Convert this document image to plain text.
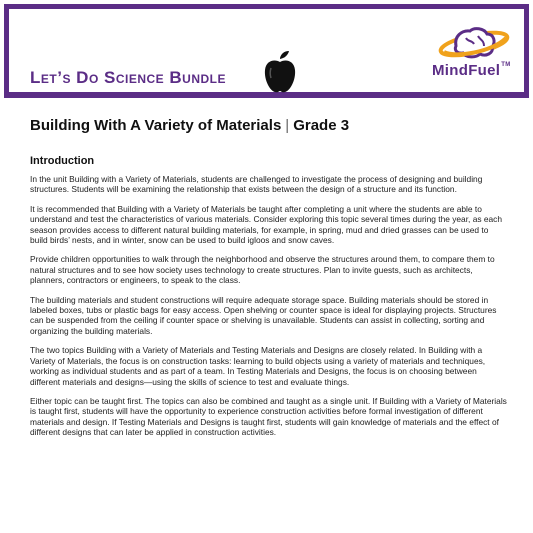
Let’s Do Science Bundle	MindFuel™
Building With A Variety of Materials | Grade 3
Introduction

In the unit Building with a Variety of Materials, students are challenged to investigate the process of designing and building structures. Students will be examining the relationship that exists between the design of a structure and its function.

It is recommended that Building with a Variety of Materials be taught after completing a unit where the students are able to understand and test the characteristics of various materials. Consider exploring this topic several times during the year, as each season provides access to different natural building materials, for example, in spring, mud and dried grasses can be used to build birds’ nests, and in winter, snow can be used to build igloos and snow caves.

Provide children opportunities to walk through the neighborhood and observe the structures around them, to compare them to natural structures and to see how society uses technology to create structures. Plan to invite guests, such as architects, planners, contractors or engineers, to speak to the class.

The building materials and student constructions will require adequate storage space. Building materials should be stored in labeled boxes, tubs or plastic bags for easy access. Open shelving or counter space is ideal for displaying projects. Structures can be suspended from the ceiling if counter space or shelving is unavailable. Students can assist in collecting, sorting and organizing the building materials.

The two topics Building with a Variety of Materials and Testing Materials and Designs are closely related. In Building with a Variety of Materials, the focus is on construction tasks: learning to build objects using a variety of materials and techniques, working as individual students and as part of a team. In Testing Materials and Designs, the focus is on choosing between different materials and designs—using the skills of science to test and evaluate things.

Either topic can be taught first. The topics can also be combined and taught as a single unit. If Building with a Variety of Materials is taught first, students will have the opportunity to experience construction activities before formal investigation of different materials and design. If Testing Materials and Designs is taught first, students will gain knowledge of materials and the effect of different designs that can later be applied in construction activities.
